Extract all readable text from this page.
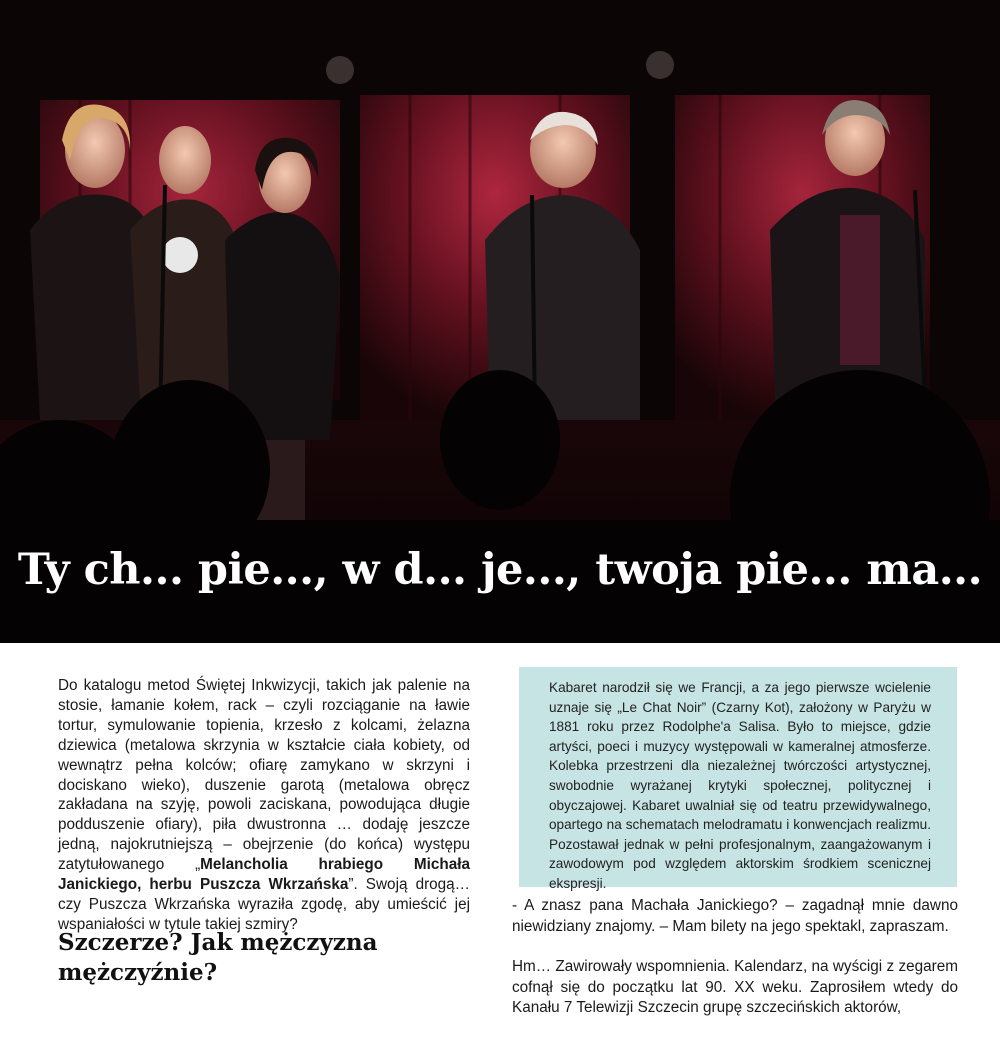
Ty ch... pie..., w d... je..., twoja pie... ma...

Do katalogu metod Świętej Inkwizycji, takich jak palenie na stosie, łamanie kołem, rack – czyli rozciąganie na ławie tortur, symulowanie topienia, krzesło z kolcami, żelazna dziewica (metalowa skrzynia w kształcie ciała kobiety, od wewnątrz pełna kolców; ofiarę zamykano w skrzyni i dociskano wieko), duszenie garotą (metalowa obręcz zakładana na szyję, powoli zaciskana, powodująca długie podduszenie ofiary), piła dwustronna … dodaję jeszcze jedną, najokrutniejszą – obejrzenie (do końca) występu zatytułowanego „Melancholia hrabiego Michała Janickiego, herbu Puszcza Wkrzańska”. Swoją drogą… czy Puszcza Wkrzańska wyraziła zgodę, aby umieścić jej wspaniałości w tytule takiej szmiry?

Szczerze? Jak mężczyzna mężczyźnie?

Kabaret narodził się we Francji, a za jego pierwsze wcielenie uznaje się „Le Chat Noir” (Czarny Kot), założony w Paryżu w 1881 roku przez Rodolphe'a Salisa. Było to miejsce, gdzie artyści, poeci i muzycy występowali w kameralnej atmosferze. Kolebka przestrzeni dla niezależnej twórczości artystycznej, swobodnie wyrażanej krytyki społecznej, politycznej i obyczajowej. Kabaret uwalniał się od teatru przewidywalnego, opartego na schematach melodramatu i konwencjach realizmu. Pozostawał jednak w pełni profesjonalnym, zaangażowanym i zawodowym pod względem aktorskim środkiem scenicznej ekspresji.

- A znasz pana Machała Janickiego? – zagadnął mnie dawno niewidziany znajomy. – Mam bilety na jego spektakl, zapraszam.

Hm… Zawirowały wspomnienia. Kalendarz, na wyścigi z zegarem cofnął się do początku lat 90. XX weku. Zaprosiłem wtedy do Kanału 7 Telewizji Szczecin grupę szczecińskich aktorów,
